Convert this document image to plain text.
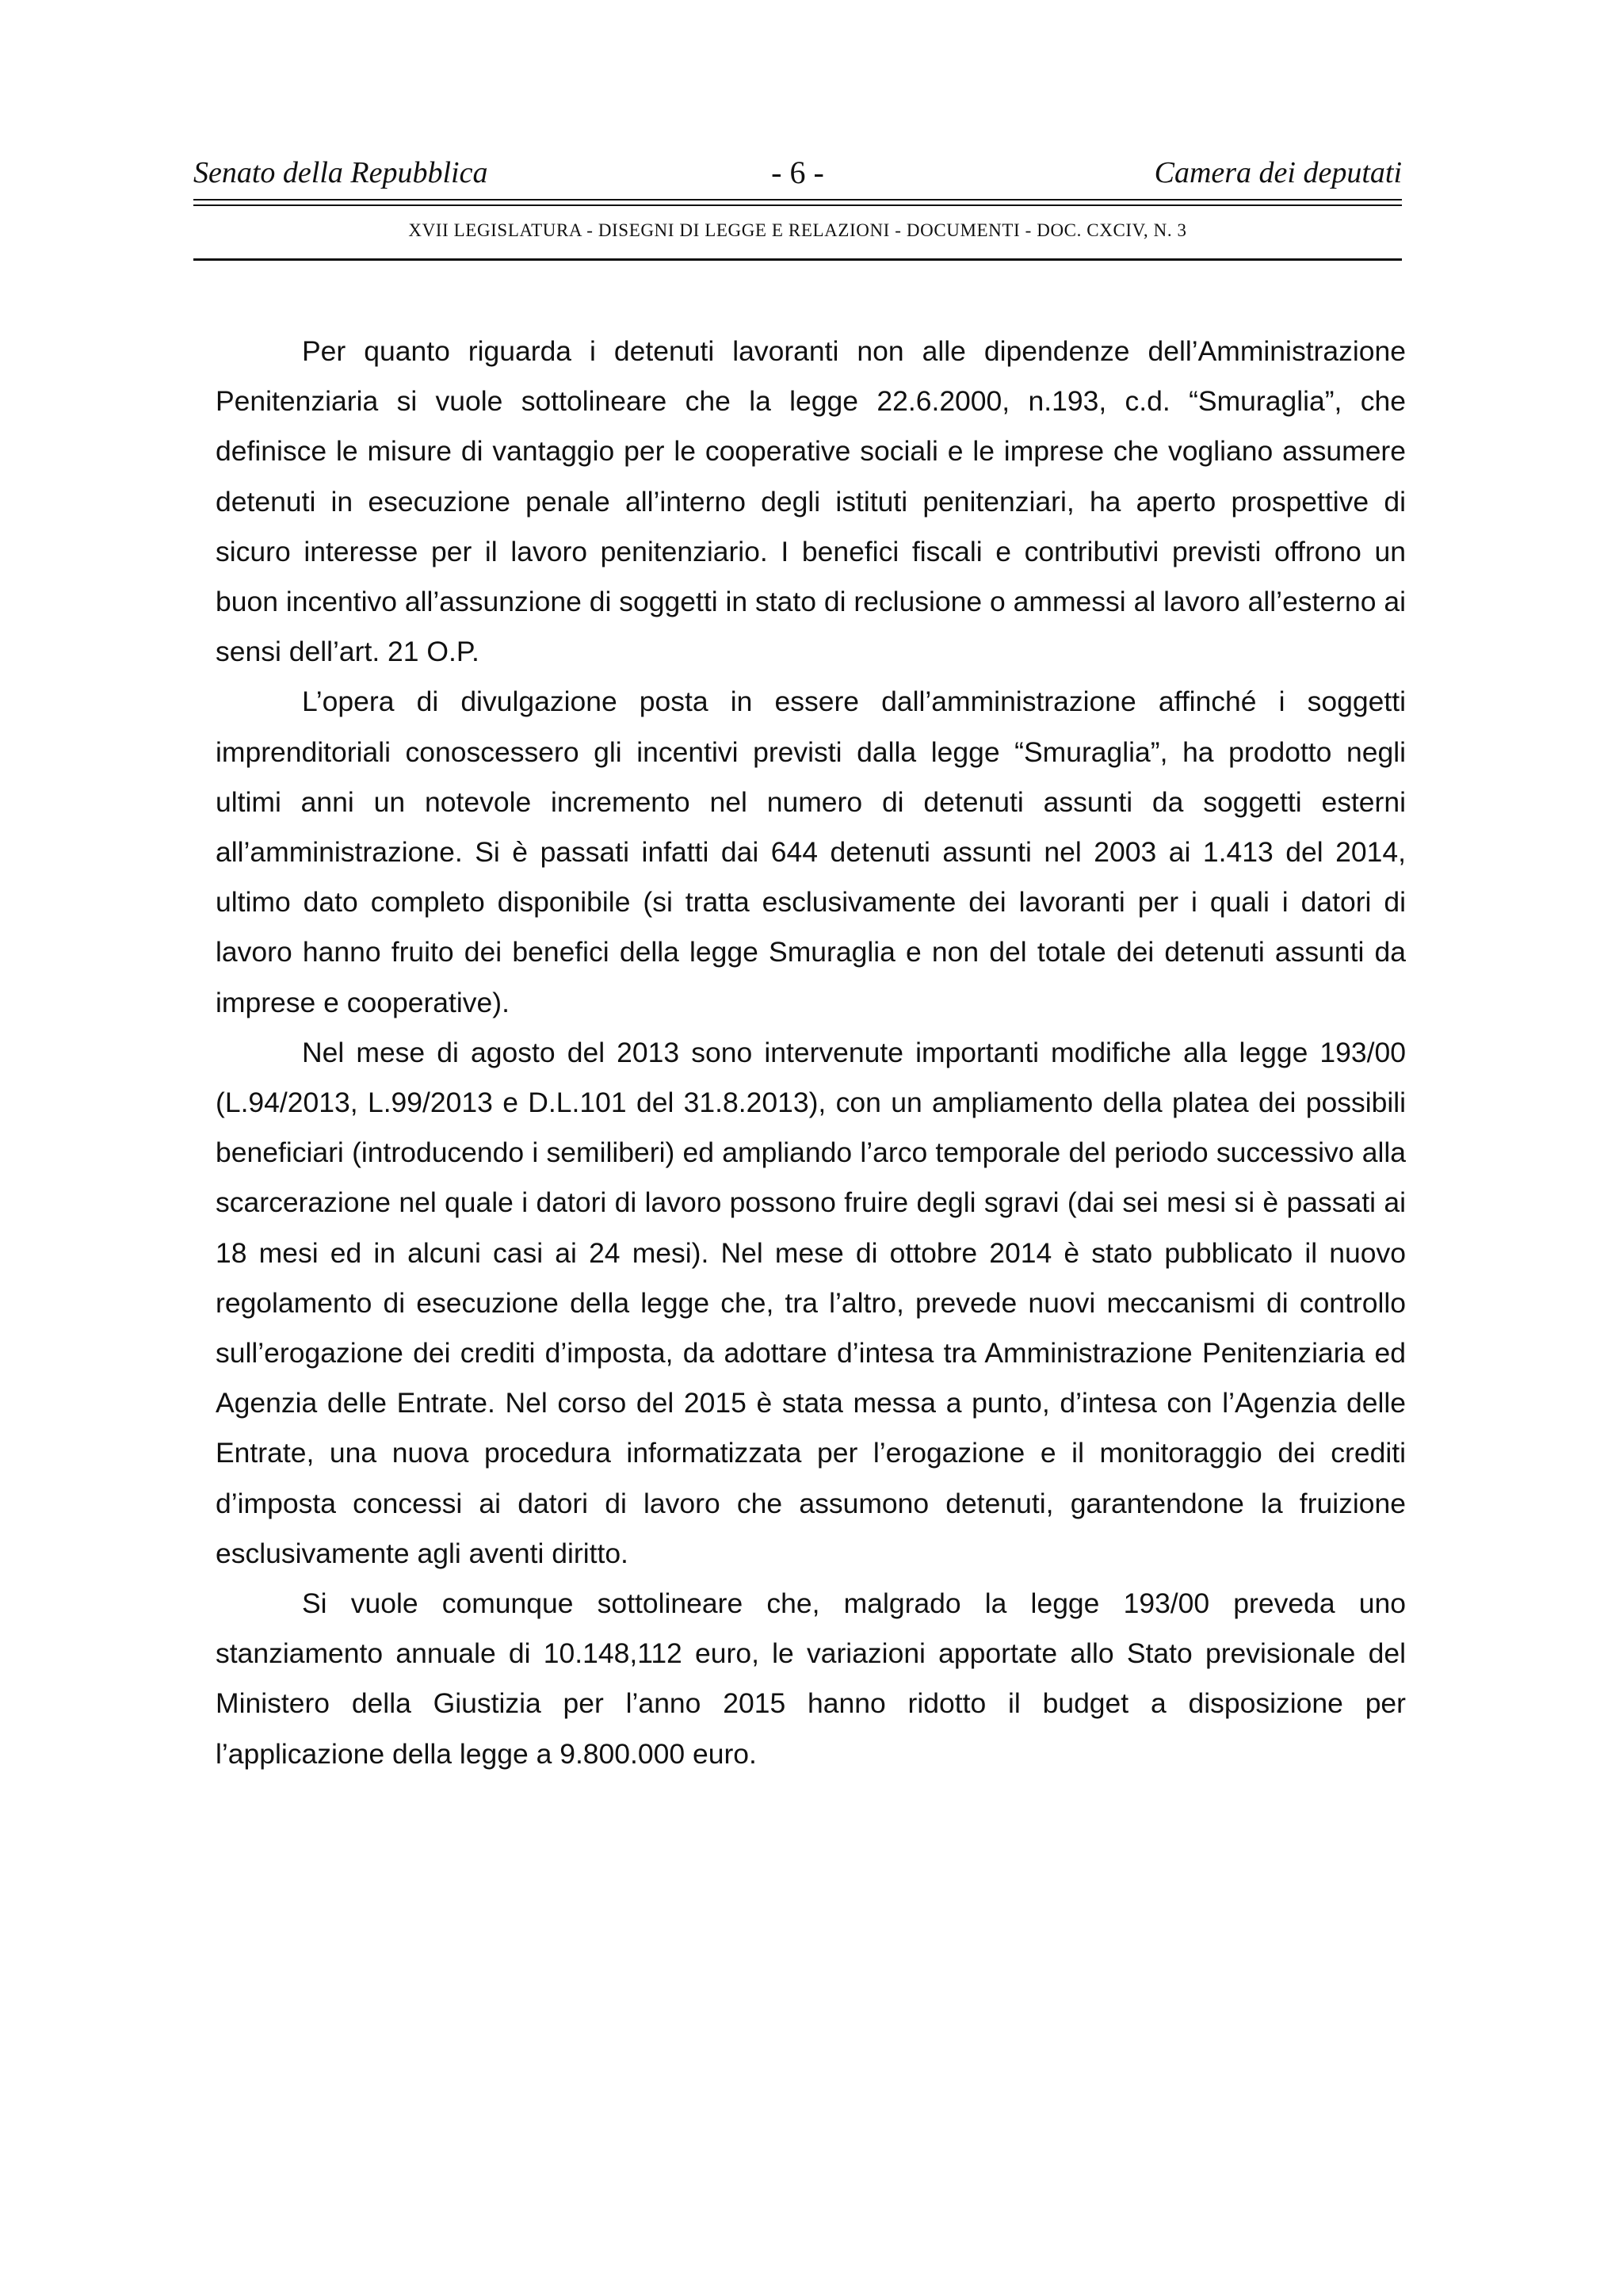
Senato della Repubblica	- 6 -	Camera dei deputati
XVII LEGISLATURA - DISEGNI DI LEGGE E RELAZIONI - DOCUMENTI - DOC. CXCIV, N. 3

Per quanto riguarda i detenuti lavoranti non alle dipendenze dell’Amministrazione Penitenziaria si vuole sottolineare che la legge 22.6.2000, n.193, c.d. “Smuraglia”, che definisce le misure di vantaggio per le cooperative sociali e le imprese che vogliano assumere detenuti in esecuzione penale all’interno degli istituti penitenziari, ha aperto prospettive di sicuro interesse per il lavoro penitenziario. I benefici fiscali e contributivi previsti offrono un buon incentivo all’assunzione di soggetti in stato di reclusione o ammessi al lavoro all’esterno ai sensi dell’art. 21 O.P.

L’opera di divulgazione posta in essere dall’amministrazione affinché i soggetti imprenditoriali conoscessero gli incentivi previsti dalla legge “Smuraglia”, ha prodotto negli ultimi anni un notevole incremento nel numero di detenuti assunti da soggetti esterni all’amministrazione. Si è passati infatti dai 644 detenuti assunti nel 2003 ai 1.413 del 2014, ultimo dato completo disponibile (si tratta esclusivamente dei lavoranti per i quali i datori di lavoro hanno fruito dei benefici della legge Smuraglia e non del totale dei detenuti assunti da imprese e cooperative).

Nel mese di agosto del 2013 sono intervenute importanti modifiche alla legge 193/00 (L.94/2013, L.99/2013 e D.L.101 del 31.8.2013), con un ampliamento della platea dei possibili beneficiari (introducendo i semiliberi) ed ampliando l’arco temporale del periodo successivo alla scarcerazione nel quale i datori di lavoro possono fruire degli sgravi (dai sei mesi si è passati ai 18 mesi ed in alcuni casi ai 24 mesi). Nel mese di ottobre 2014 è stato pubblicato il nuovo regolamento di esecuzione della legge che, tra l’altro, prevede nuovi meccanismi di controllo sull’erogazione dei crediti d’imposta, da adottare d’intesa tra Amministrazione Penitenziaria ed Agenzia delle Entrate. Nel corso del 2015 è stata messa a punto, d’intesa con l’Agenzia delle Entrate, una nuova procedura informatizzata per l’erogazione e il monitoraggio dei crediti d’imposta concessi ai datori di lavoro che assumono detenuti, garantendone la fruizione esclusivamente agli aventi diritto.

Si vuole comunque sottolineare che, malgrado la legge 193/00 preveda uno stanziamento annuale di 10.148,112 euro, le variazioni apportate allo Stato previsionale del Ministero della Giustizia per l’anno 2015 hanno ridotto il budget a disposizione per l’applicazione della legge a 9.800.000 euro.
